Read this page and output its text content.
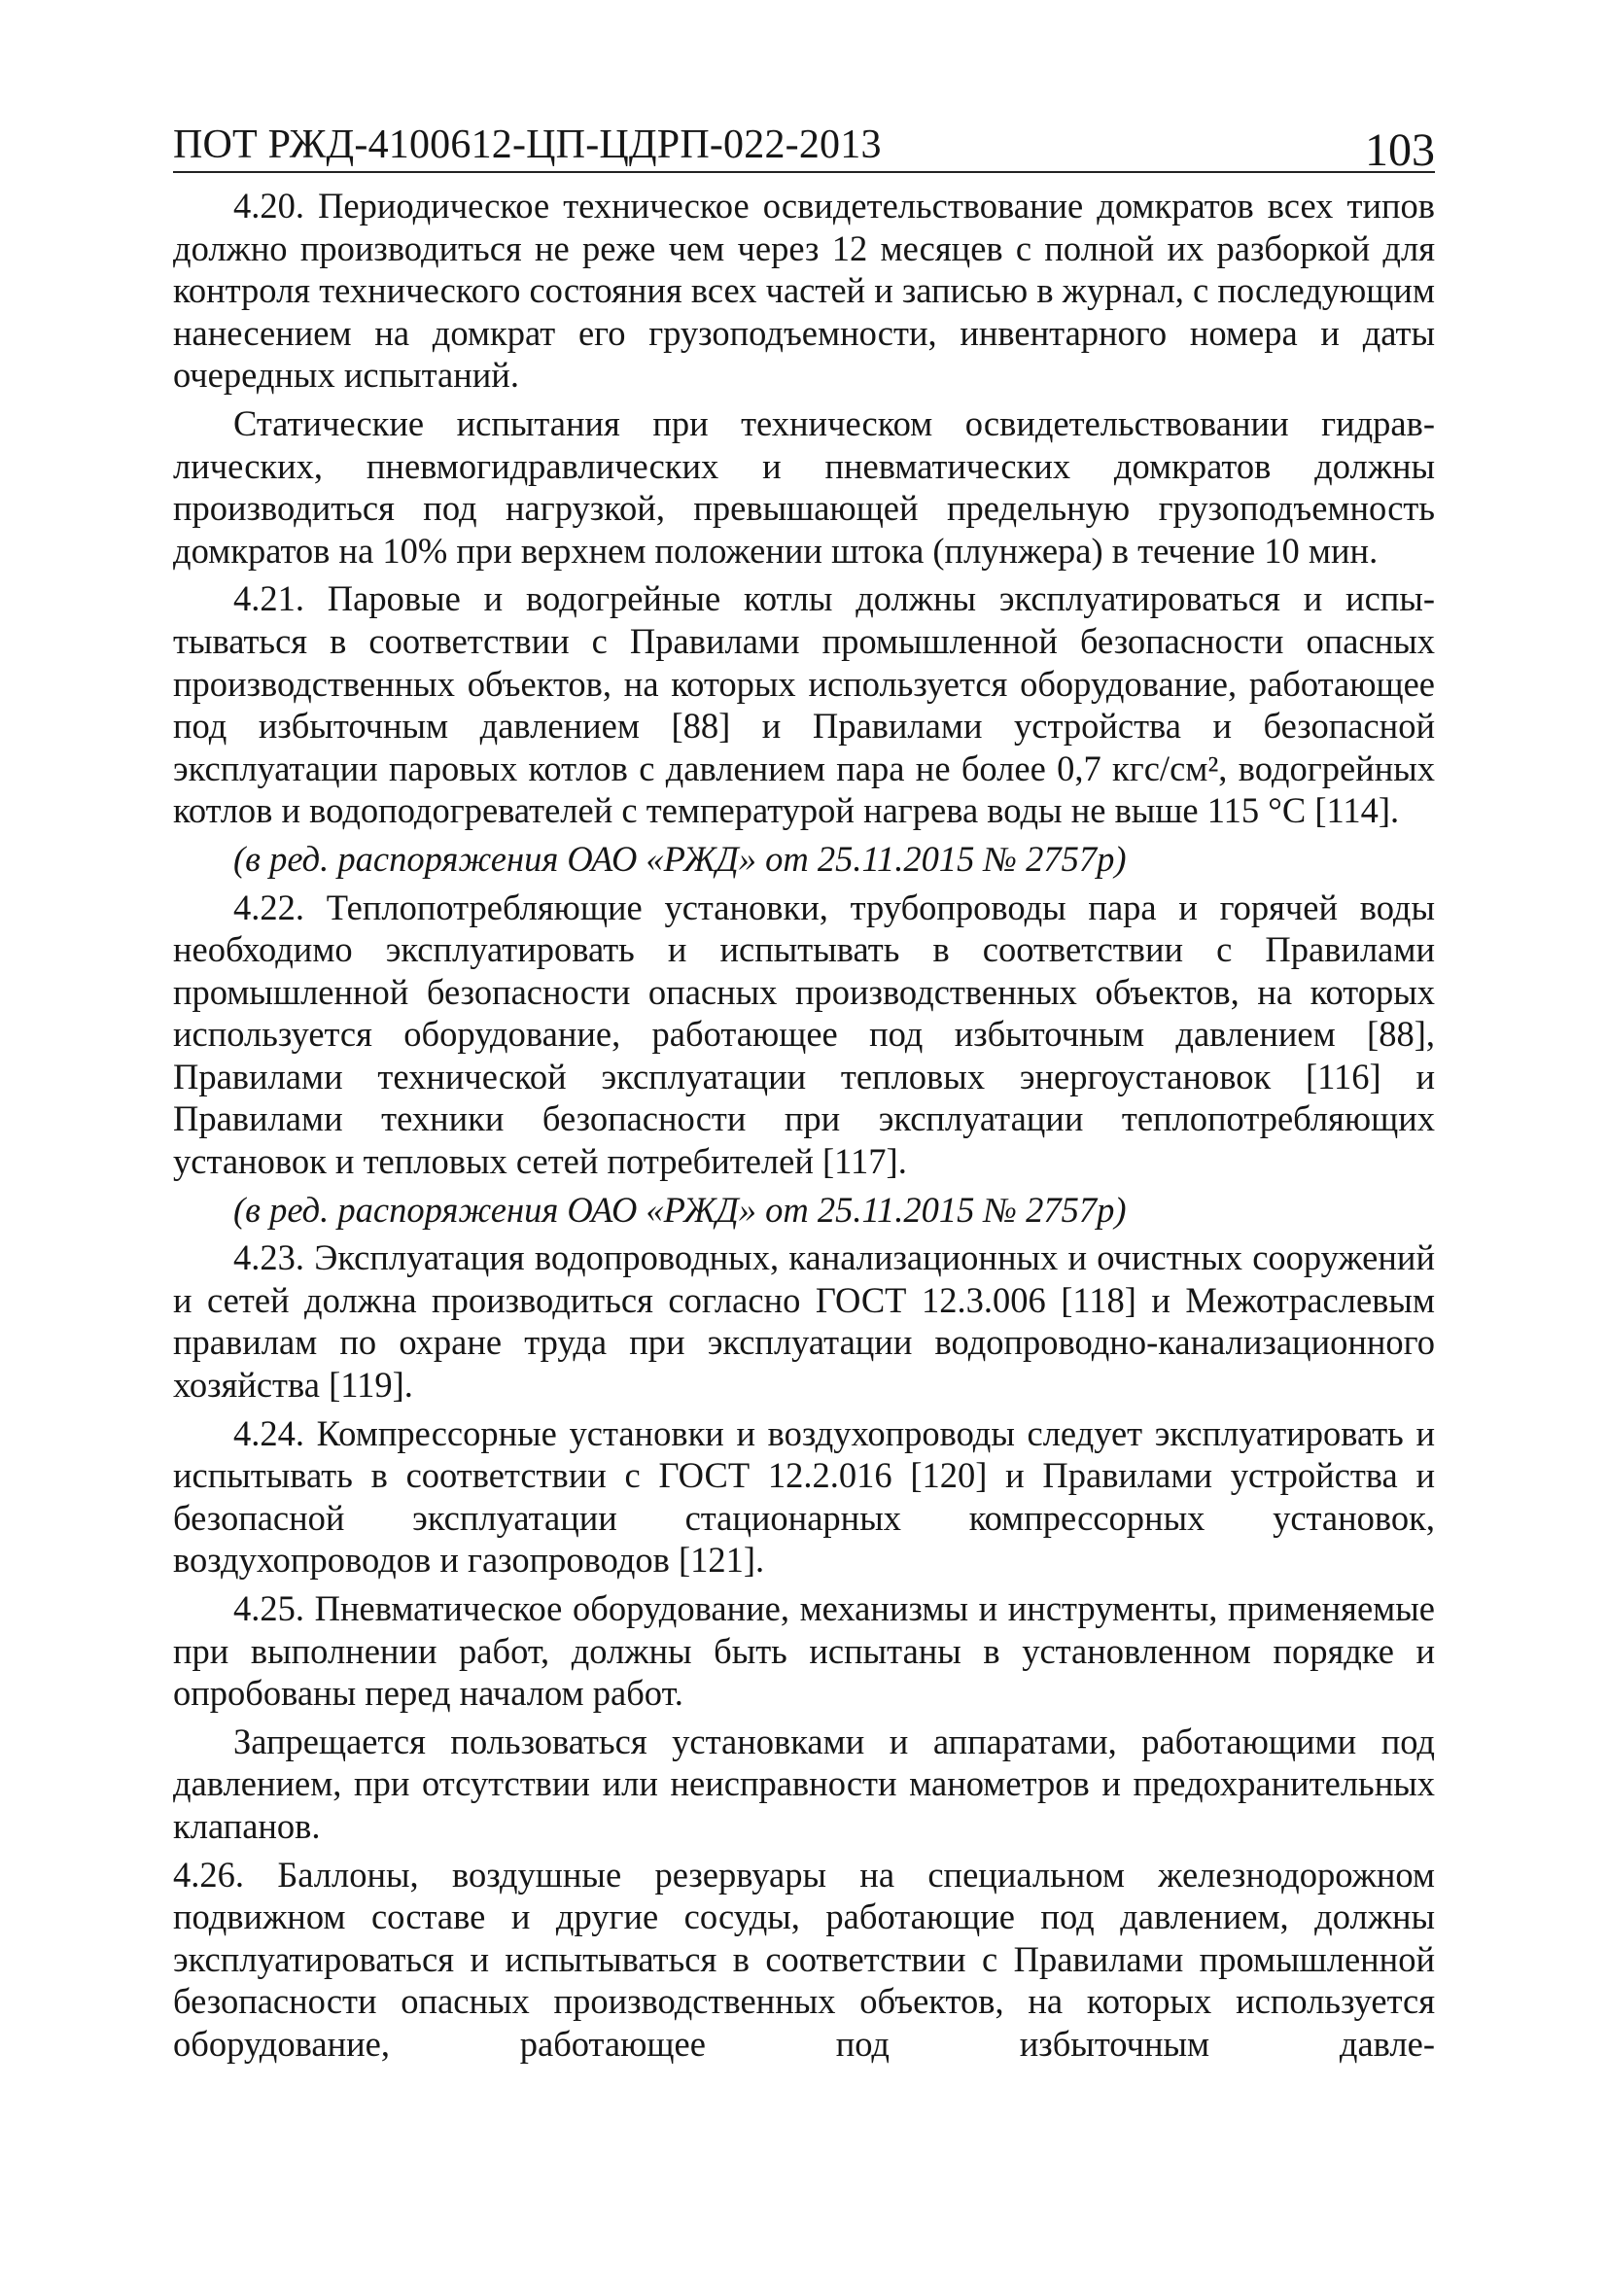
ПОТ РЖД-4100612-ЦП-ЦДРП-022-2013	103

4.20. Периодическое техническое освидетельствование домкратов всех типов должно производиться не реже чем через 12 месяцев с полной их разборкой для контроля технического состояния всех частей и записью в журнал, с последующим нанесением на домкрат его грузоподъемности, инвентарного номера и даты очередных испытаний.

Статические испытания при техническом освидетельствовании гидравлических, пневмогидравлических и пневматических домкратов должны производиться под нагрузкой, превышающей предельную грузоподъемность домкратов на 10% при верхнем положении штока (плунжера) в течение 10 мин.

4.21. Паровые и водогрейные котлы должны эксплуатироваться и испытываться в соответствии с Правилами промышленной безопасности опасных производственных объектов, на которых используется оборудование, работающее под избыточным давлением [88] и Правилами устройства и безопасной эксплуатации паровых котлов с давлением пара не более 0,7 кгс/см², водогрейных котлов и водоподогревателей с температурой нагрева воды не выше 115 °С [114].

(в ред. распоряжения ОАО «РЖД» от 25.11.2015 № 2757р)

4.22. Теплопотребляющие установки, трубопроводы пара и горячей воды необходимо эксплуатировать и испытывать в соответствии с Правилами промышленной безопасности опасных производственных объектов, на которых используется оборудование, работающее под избыточным давлением [88], Правилами технической эксплуатации тепловых энергоустановок [116] и Правилами техники безопасности при эксплуатации теплопотребляющих установок и тепловых сетей потребителей [117].

(в ред. распоряжения ОАО «РЖД» от 25.11.2015 № 2757р)

4.23. Эксплуатация водопроводных, канализационных и очистных сооружений и сетей должна производиться согласно ГОСТ 12.3.006 [118] и Межотраслевым правилам по охране труда при эксплуатации водопроводно-канализационного хозяйства [119].

4.24. Компрессорные установки и воздухопроводы следует эксплуатировать и испытывать в соответствии с ГОСТ 12.2.016 [120] и Правилами устройства и безопасной эксплуатации стационарных компрессорных установок, воздухопроводов и газопроводов [121].

4.25. Пневматическое оборудование, механизмы и инструменты, применяемые при выполнении работ, должны быть испытаны в установленном порядке и опробованы перед началом работ.

Запрещается пользоваться установками и аппаратами, работающими под давлением, при отсутствии или неисправности манометров и предохранительных клапанов.

4.26. Баллоны, воздушные резервуары на специальном железнодорожном подвижном составе и другие сосуды, работающие под давлением, должны эксплуатироваться и испытываться в соответствии с Правилами промышленной безопасности опасных производственных объектов, на которых используется оборудование, работающее под избыточным давле-
